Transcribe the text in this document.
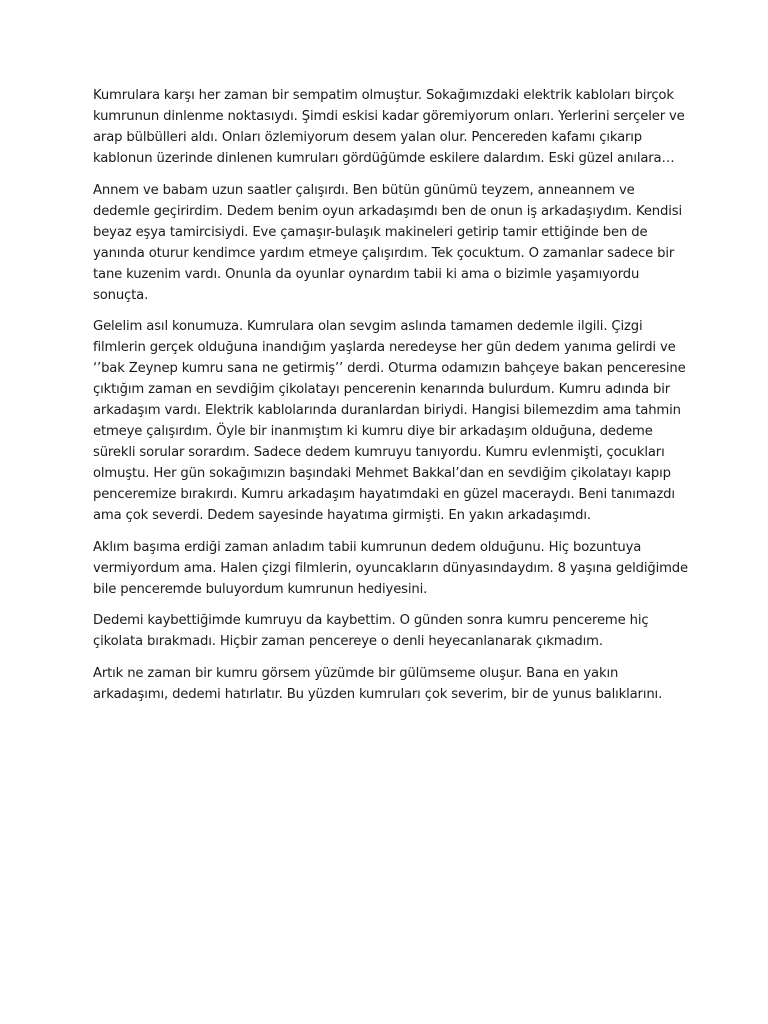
Kumrulara karşı her zaman bir sempatim olmuştur. Sokağımızdaki elektrik kabloları birçok kumrunun dinlenme noktasıydı. Şimdi eskisi kadar göremiyorum onları. Yerlerini serçeler ve arap bülbülleri aldı. Onları özlemiyorum desem yalan olur. Pencereden kafamı çıkarıp kablonun üzerinde dinlenen kumruları gördüğümde eskilere dalardım. Eski güzel anılara…

Annem ve babam uzun saatler çalışırdı. Ben bütün günümü teyzem, anneannem ve dedemle geçirirdim. Dedem benim oyun arkadaşımdı ben de onun iş arkadaşıydım. Kendisi beyaz eşya tamircisiydi. Eve çamaşır-bulaşık makineleri getirip tamir ettiğinde ben de yanında oturur kendimce yardım etmeye çalışırdım. Tek çocuktum. O zamanlar sadece bir tane kuzenim vardı. Onunla da oyunlar oynardım tabii ki ama o bizimle yaşamıyordu sonuçta.

Gelelim asıl konumuza. Kumrulara olan sevgim aslında tamamen dedemle ilgili. Çizgi filmlerin gerçek olduğuna inandığım yaşlarda neredeyse her gün dedem yanıma gelirdi ve ‘’bak Zeynep kumru sana ne getirmiş’’ derdi. Oturma odamızın bahçeye bakan penceresine çıktığım zaman en sevdiğim çikolatayı pencerenin kenarında bulurdum. Kumru adında bir arkadaşım vardı. Elektrik kablolarında duranlardan biriydi. Hangisi bilemezdim ama tahmin etmeye çalışırdım. Öyle bir inanmıştım ki kumru diye bir arkadaşım olduğuna, dedeme sürekli sorular sorardım. Sadece dedem kumruyu tanıyordu. Kumru evlenmişti, çocukları olmuştu. Her gün sokağımızın başındaki Mehmet Bakkal’dan en sevdiğim çikolatayı kapıp penceremize bırakırdı. Kumru arkadaşım hayatımdaki en güzel maceraydı. Beni tanımazdı ama çok severdi. Dedem sayesinde hayatıma girmişti. En yakın arkadaşımdı.

Aklım başıma erdiği zaman anladım tabii kumrunun dedem olduğunu. Hiç bozuntuya vermiyordum ama. Halen çizgi filmlerin, oyuncakların dünyasındaydım. 8 yaşına geldiğimde bile penceremde buluyordum kumrunun hediyesini.

Dedemi kaybettiğimde kumruyu da kaybettim. O günden sonra kumru pencereme hiç çikolata bırakmadı. Hiçbir zaman pencereye o denli heyecanlanarak çıkmadım.

Artık ne zaman bir kumru görsem yüzümde bir gülümseme oluşur. Bana en yakın arkadaşımı, dedemi hatırlatır. Bu yüzden kumruları çok severim, bir de yunus balıklarını.
